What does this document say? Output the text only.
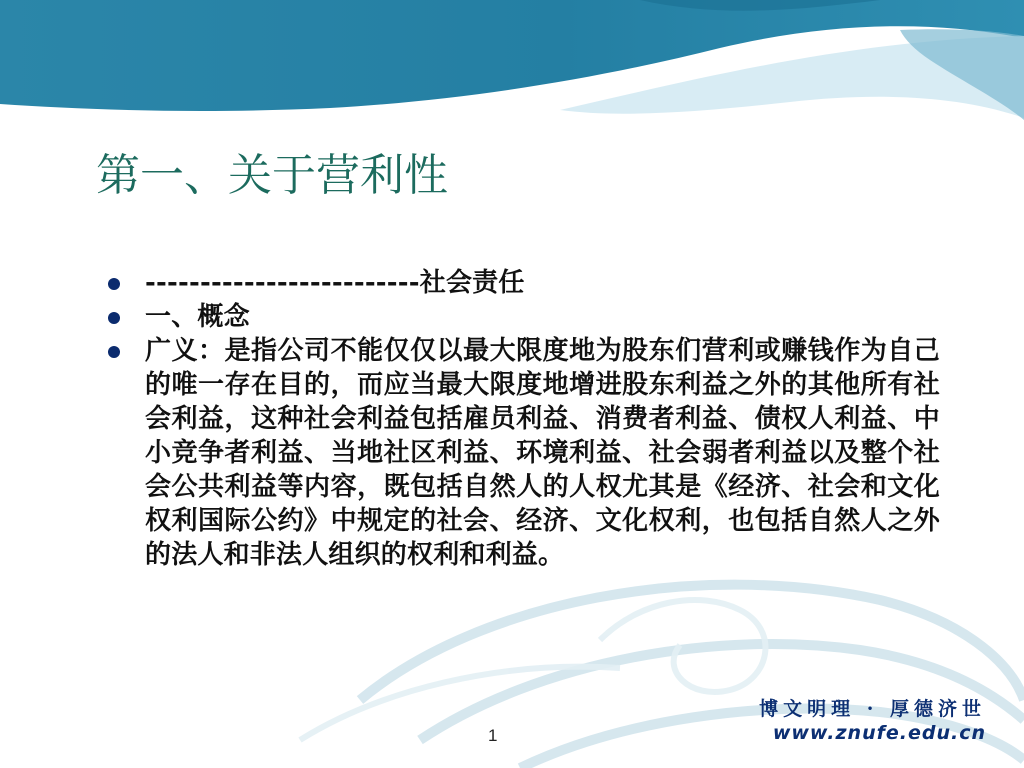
第一、关于营利性
-------------------------社会责任
一、概念
广义：是指公司不能仅仅以最大限度地为股东们营利或赚钱作为自己的唯一存在目的，而应当最大限度地增进股东利益之外的其他所有社会利益，这种社会利益包括雇员利益、消费者利益、债权人利益、中小竞争者利益、当地社区利益、环境利益、社会弱者利益以及整个社会公共利益等内容，既包括自然人的人权尤其是《经济、社会和文化权利国际公约》中规定的社会、经济、文化权利，也包括自然人之外的法人和非法人组织的权利和利益。

博文明理 · 厚德济世

www.znufe.edu.cn

1
